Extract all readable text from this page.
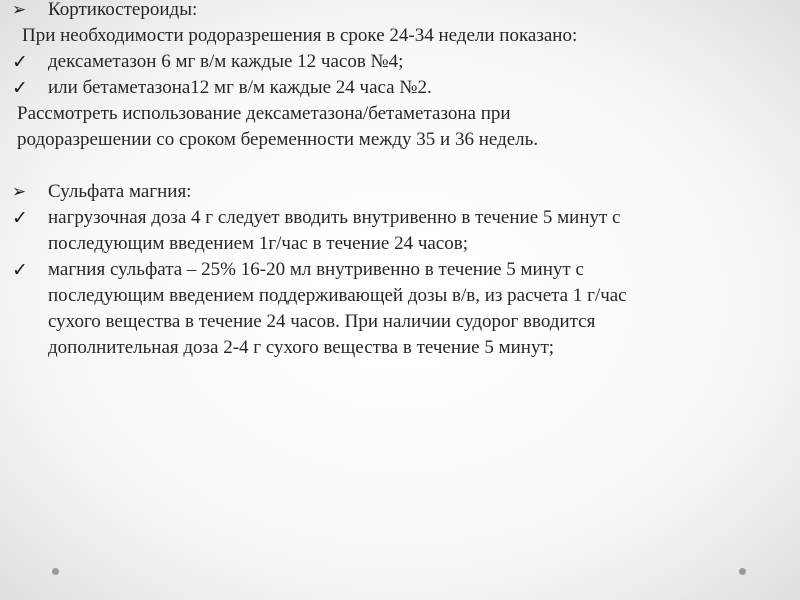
➢ Кортикостероиды:
При необходимости родоразрешения в сроке 24-34 недели показано:
✓ дексаметазон 6 мг в/м каждые 12 часов №4;
✓ или бетаметазона12 мг в/м каждые 24 часа №2.
Рассмотреть использование дексаметазона/бетаметазона при
родоразрешении со сроком беременности между 35 и 36 недель.
➢ Сульфата магния:
✓ нагрузочная доза 4 г следует вводить внутривенно в течение 5 минут с
последующим введением 1г/час в течение 24 часов;
✓ магния сульфата – 25% 16-20 мл внутривенно в течение 5 минут с
последующим введением поддерживающей дозы в/в, из расчета 1 г/час
сухого вещества в течение 24 часов. При наличии судорог вводится
дополнительная доза 2-4 г сухого вещества в течение 5 минут;
